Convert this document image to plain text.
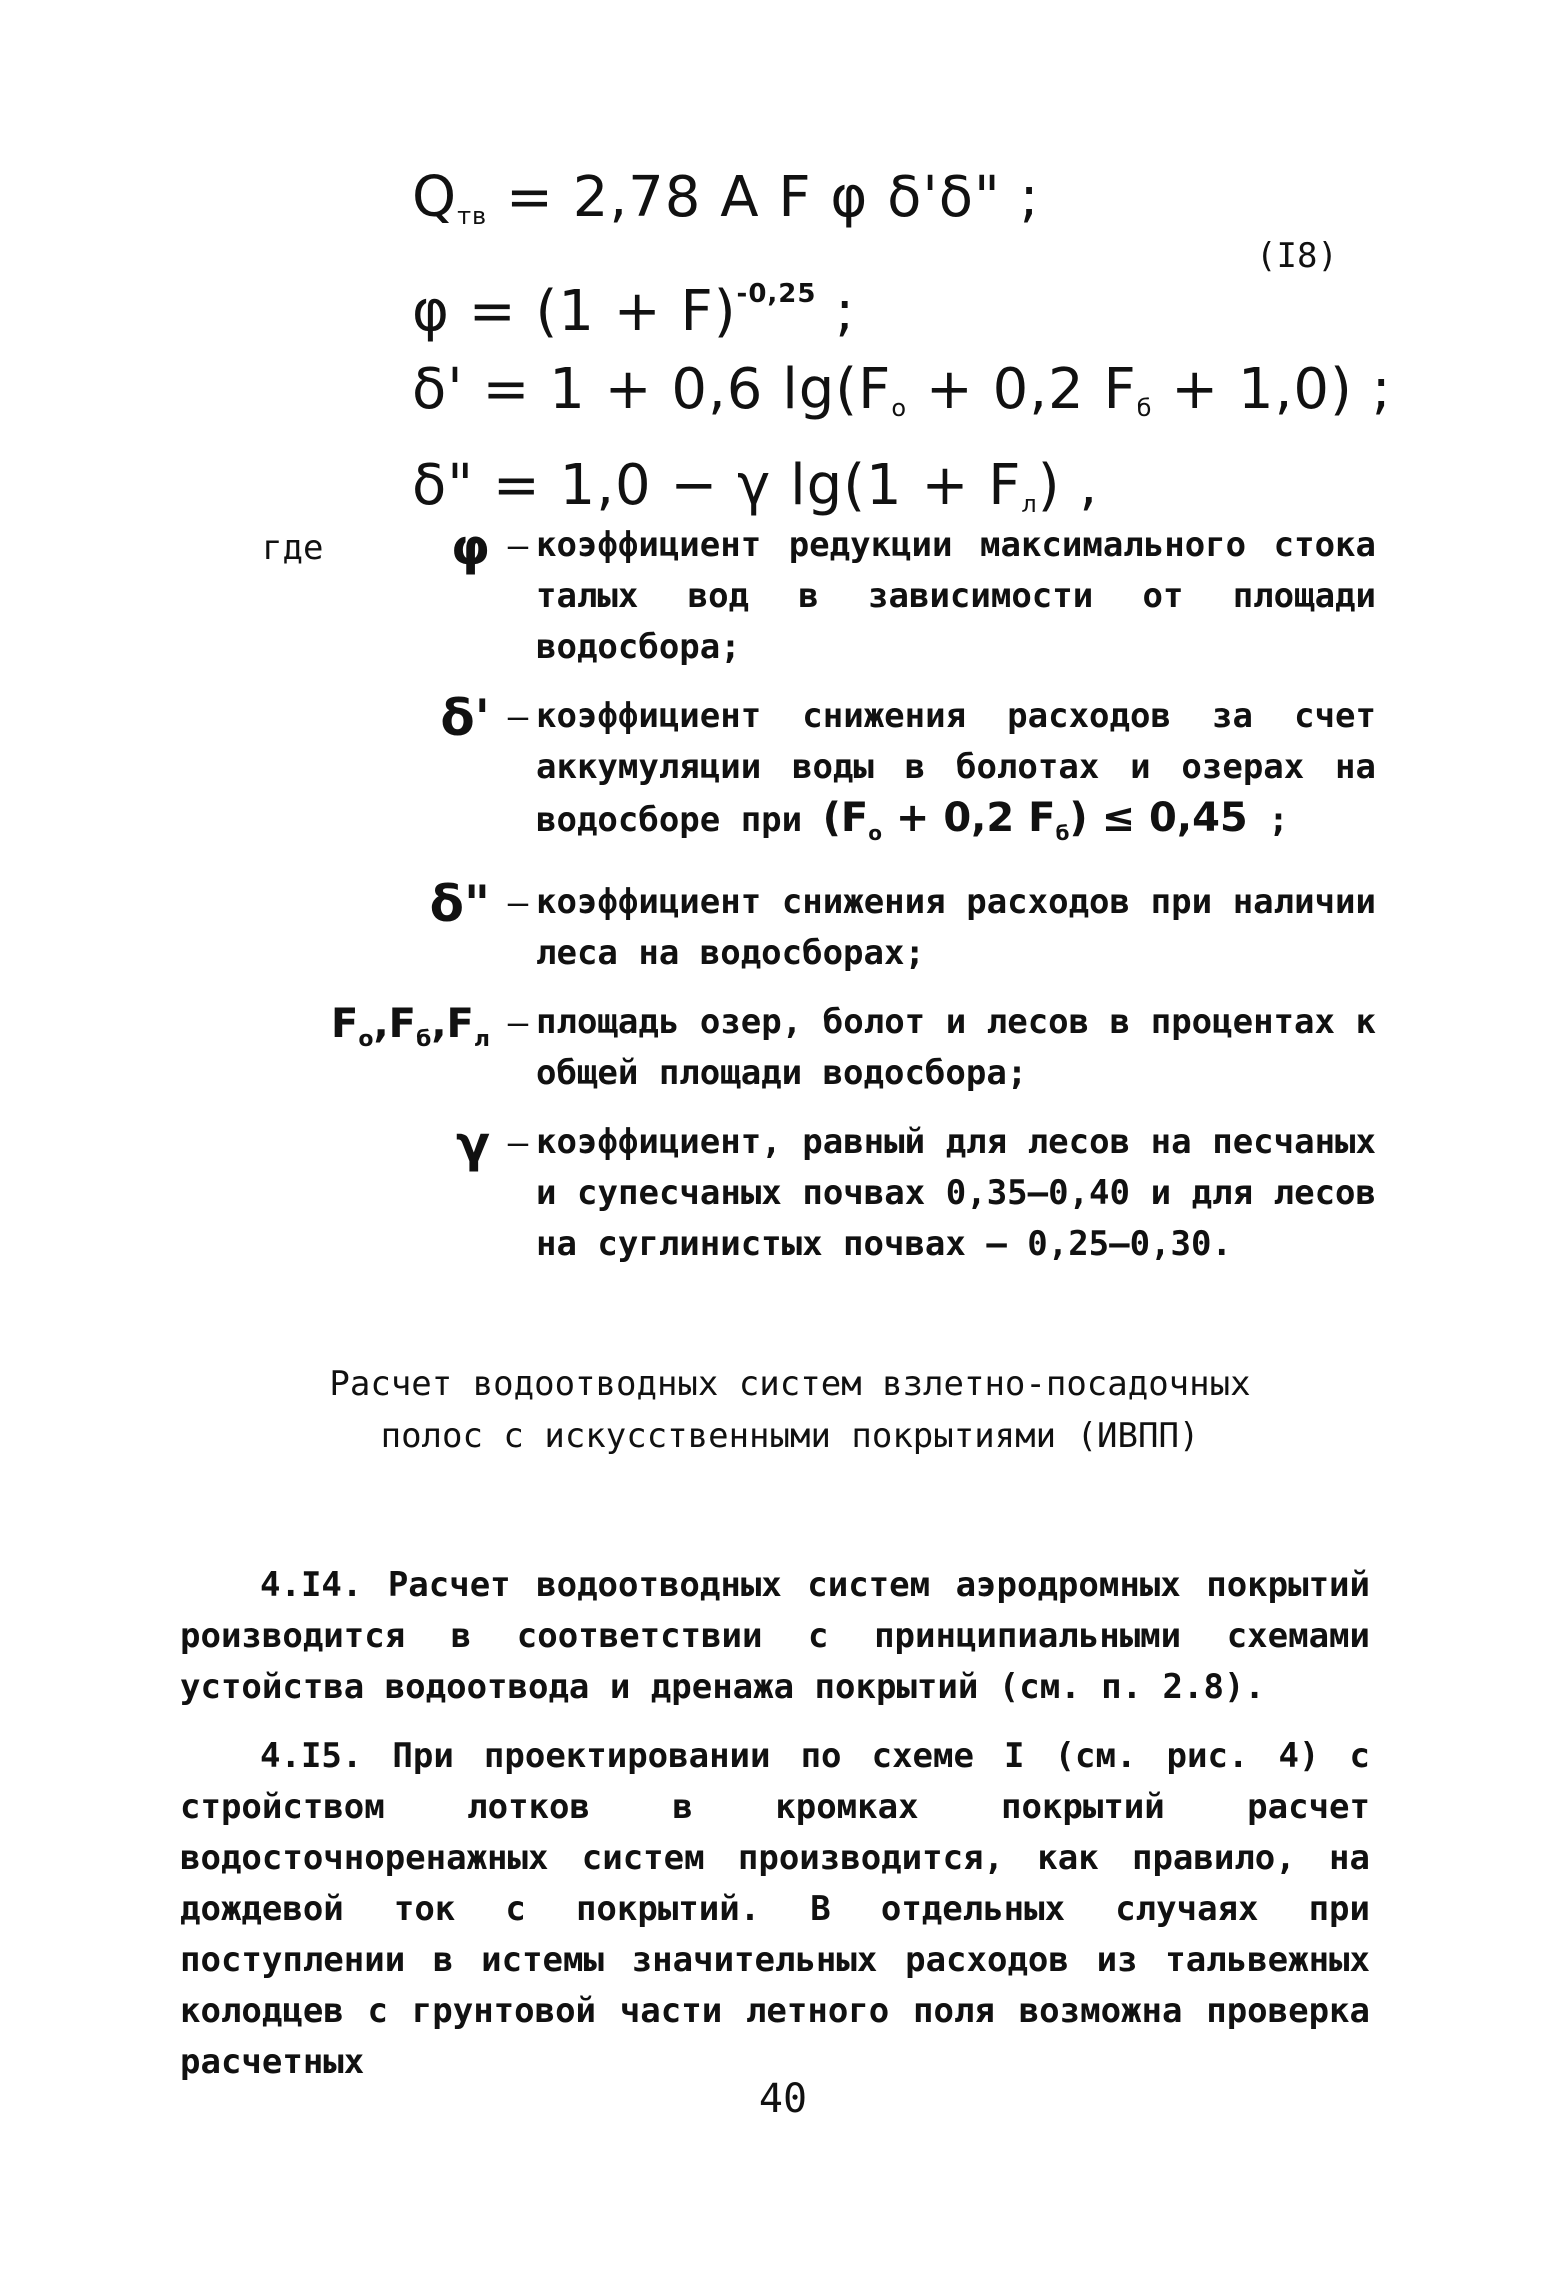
$Q_{тв} = 2,78$ A F φ δ'δ" ;
$\varphi = (1 + F)^{-0,25}$ ;
δ' = 1 + 0,6 $\lg(F_о + 0,2$ $F_б + 1,0$) ;
δ" = 1,0 − γ $\lg(1 + F_л)$ ,
(I8)
где	φ – коэффициент редукции максимального стока талых вод в зависимости от площади водосбора;
δ' – коэффициент снижения расходов за счет аккумуляции воды в болотах и озерах на водосборе при ($F_о + 0,2$ $F_б) \le 0,45$ ;
δ" – коэффициент снижения расходов при наличии леса на водосборах;
$F_о,F_б,F_л$ – площадь озер, болот и лесов в процентах к общей площади водосбора;
γ – коэффициент, равный для лесов на песчаных и супесчаных почвах 0,35–0,40 и для лесов на суглинистых почвах – 0,25–0,30.
Расчет водоотводных систем взлетно-посадочных
полос с искусственными покрытиями (ИВПП)

4.I4. Расчет водоотводных систем аэродромных покрытий роизводится в соответствии с принципиальными схемами устойства водоотвода и дренажа покрытий (см. п. 2.8).

4.I5. При проектировании по схеме I (см. рис. 4) с стройством лотков в кромках покрытий расчет водосточноренажных систем производится, как правило, на дождевой ток с покрытий. В отдельных случаях при поступлении в истемы значительных расходов из тальвежных колодцев с грунтовой части летного поля возможна проверка расчетных

40
